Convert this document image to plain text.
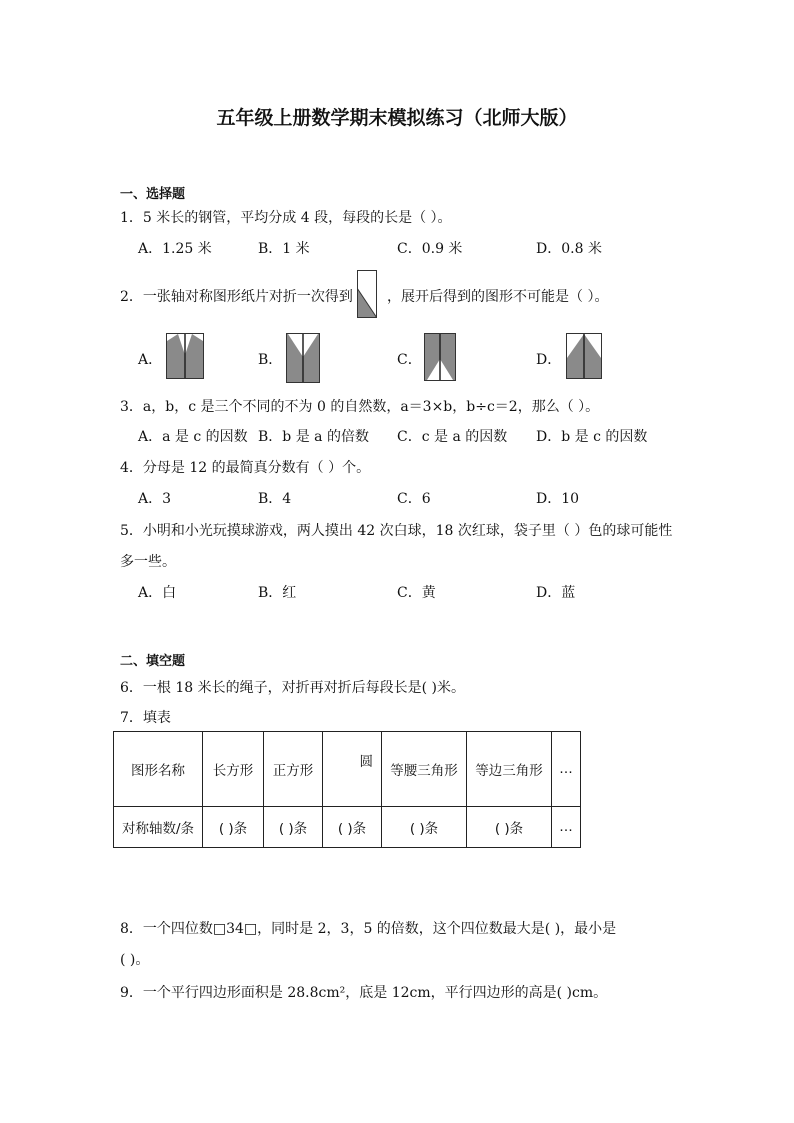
五年级上册数学期末模拟练习（北师大版）
一、选择题
1．5 米长的钢管，平均分成 4 段，每段的长是（ ）。
A．1.25 米	B．1 米	C．0.9 米	D．0.8 米
2．一张轴对称图形纸片对折一次得到 ，展开后得到的图形不可能是（ ）。
A．	B．	C．	D．
3．a，b，c 是三个不同的不为 0 的自然数，a＝3×b，b÷c＝2，那么（ ）。
A．a 是 c 的因数 B．b 是 a 的倍数 C．c 是 a 的因数 D．b 是 c 的因数
4．分母是 12 的最简真分数有（ ）个。
A．3	B．4	C．6	D．10
5．小明和小光玩摸球游戏，两人摸出 42 次白球，18 次红球，袋子里（ ）色的球可能性
多一些。
A．白	B．红	C．黄	D．蓝
二、填空题
6．一根 18 米长的绳子，对折再对折后每段长是( )米。
7．填表
图形名称	长方形	正方形	圆	等腰三角形	等边三角形	…
对称轴数/条	( )条	( )条	( )条	( )条	( )条	…
8．一个四位数□34□，同时是 2，3，5 的倍数，这个四位数最大是( )，最小是
( )。
9．一个平行四边形面积是 28.8cm²，底是 12cm，平行四边形的高是( )cm。
